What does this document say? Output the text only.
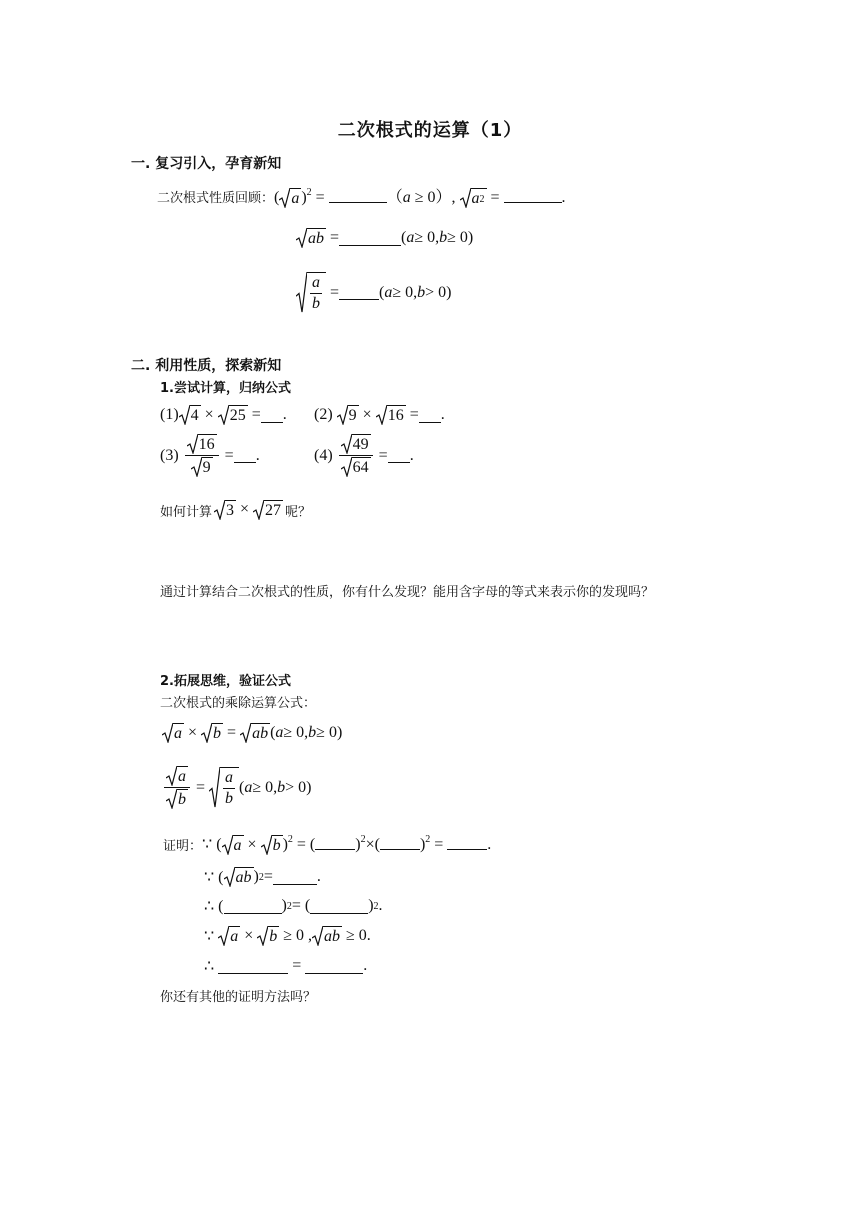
二次根式的运算（1）
一. 复习引入，孕育新知
二次根式性质回顾： ( a )$^2$ =	（a ≥ 0）, a 2 =	.
ab =	( a ≥ 0, b ≥ 0)
$\frac{a}{b}$ =	( a ≥ 0, b > 0)
二. 利用性质，探索新知
1.尝试计算，归纳公式
(1) 4 × 25 =
. (2) 9 × 16 =
.
$(3) \frac{16}{9}$ =
.	$(4) \frac{49}{64}$ =
.
如何计算 3 × 27 呢？
通过计算结合二次根式的性质，你有什么发现？能用含字母的等式来表示你的发现吗？
2.拓展思维，验证公式
二次根式的乘除运算公式：
a × b = ab ( a ≥ 0, b ≥ 0)
$\frac{a}{b} = \frac{a}{b}$ ( a ≥ 0, b > 0)
证明： ∵ ( a × b )$^2$ = (	)$^2$×(	)$^2$ =	.
∵ ( ab ) 2 =	.
∴ (	) 2 = (	) 2 .
∵ a × b ≥ 0 , ab ≥ 0.
∴	=	.
你还有其他的证明方法吗？
